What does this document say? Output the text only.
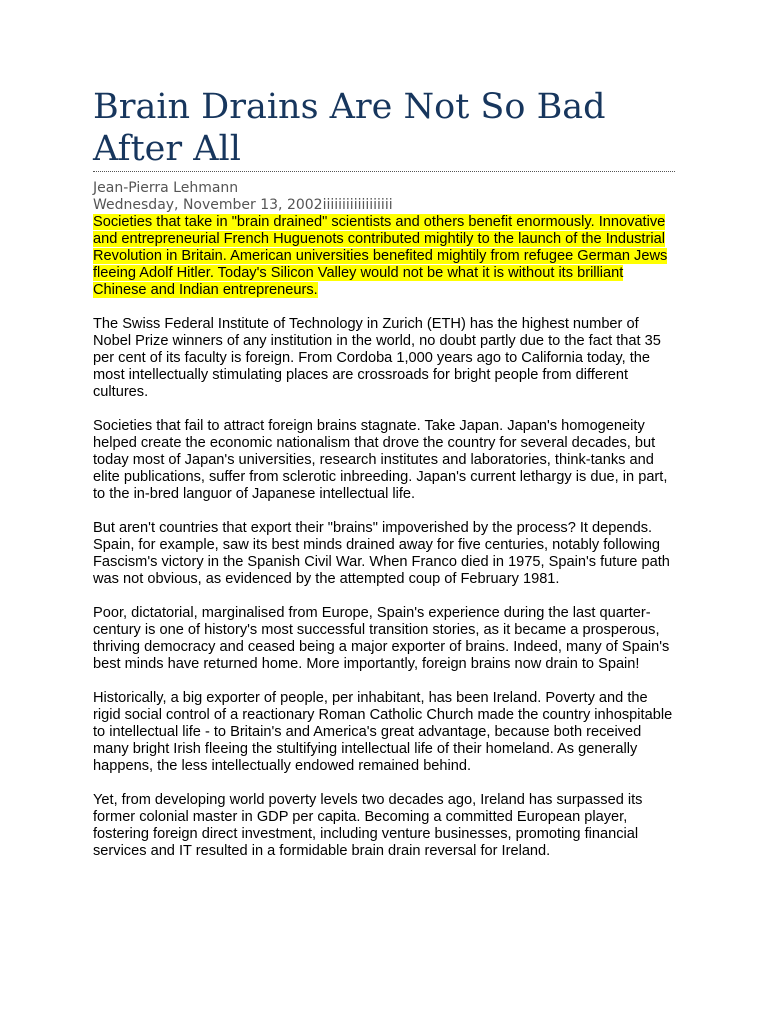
Brain Drains Are Not So Bad After All

Jean-Pierra Lehmann

Wednesday, November 13, 2002iiiiiiiiiiiiiiiiii

Societies that take in "brain drained" scientists and others benefit enormously. Innovative and entrepreneurial French Huguenots contributed mightily to the launch of the Industrial Revolution in Britain. American universities benefited mightily from refugee German Jews fleeing Adolf Hitler. Today's Silicon Valley would not be what it is without its brilliant Chinese and Indian entrepreneurs.

The Swiss Federal Institute of Technology in Zurich (ETH) has the highest number of Nobel Prize winners of any institution in the world, no doubt partly due to the fact that 35 per cent of its faculty is foreign. From Cordoba 1,000 years ago to California today, the most intellectually stimulating places are crossroads for bright people from different cultures.

Societies that fail to attract foreign brains stagnate. Take Japan. Japan's homogeneity helped create the economic nationalism that drove the country for several decades, but today most of Japan's universities, research institutes and laboratories, think-tanks and elite publications, suffer from sclerotic inbreeding. Japan's current lethargy is due, in part, to the in-bred languor of Japanese intellectual life.

But aren't countries that export their "brains" impoverished by the process? It depends. Spain, for example, saw its best minds drained away for five centuries, notably following Fascism's victory in the Spanish Civil War. When Franco died in 1975, Spain's future path was not obvious, as evidenced by the attempted coup of February 1981.

Poor, dictatorial, marginalised from Europe, Spain's experience during the last quarter- century is one of history's most successful transition stories, as it became a prosperous, thriving democracy and ceased being a major exporter of brains. Indeed, many of Spain's best minds have returned home. More importantly, foreign brains now drain to Spain!

Historically, a big exporter of people, per inhabitant, has been Ireland. Poverty and the rigid social control of a reactionary Roman Catholic Church made the country inhospitable to intellectual life - to Britain's and America's great advantage, because both received many bright Irish fleeing the stultifying intellectual life of their homeland. As generally happens, the less intellectually endowed remained behind.

Yet, from developing world poverty levels two decades ago, Ireland has surpassed its former colonial master in GDP per capita. Becoming a committed European player, fostering foreign direct investment, including venture businesses, promoting financial services and IT resulted in a formidable brain drain reversal for Ireland.
